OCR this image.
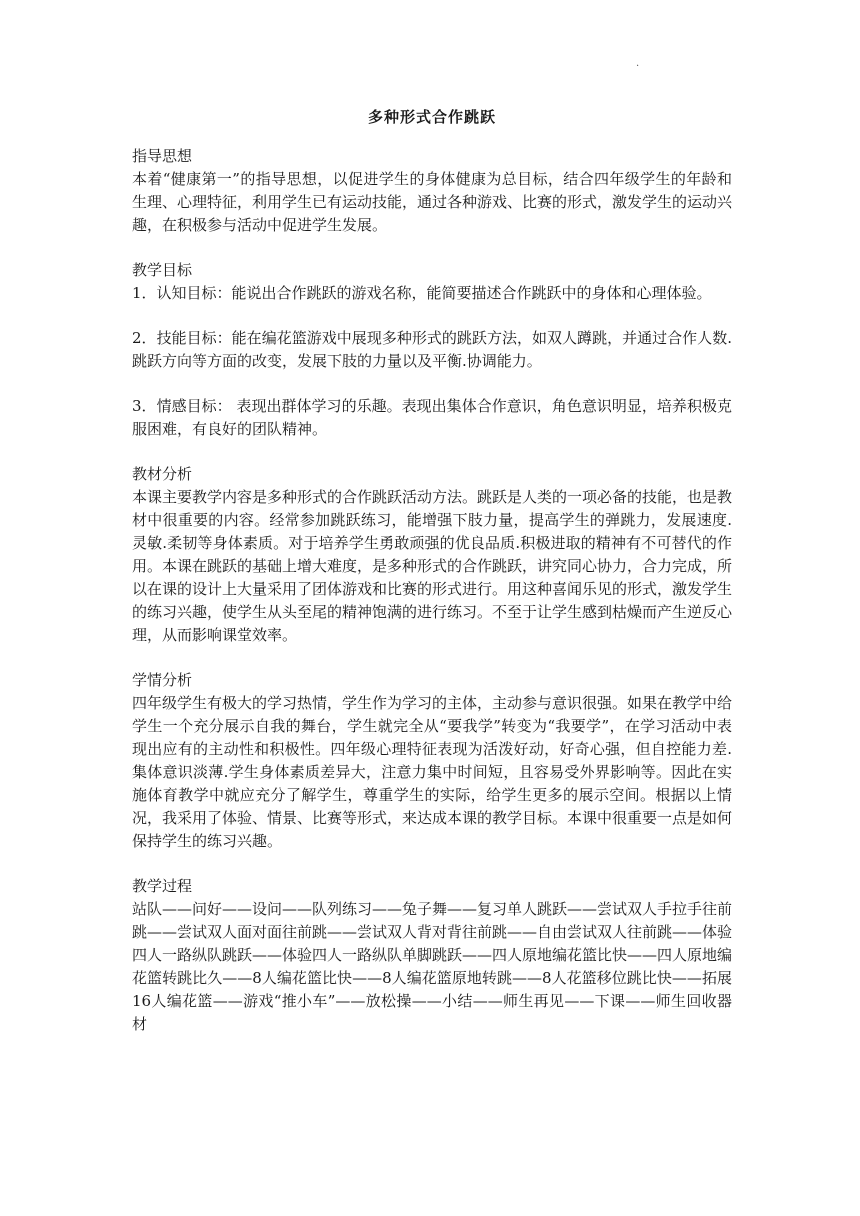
.
多种形式合作跳跃
指导思想

本着“健康第一”的指导思想，以促进学生的身体健康为总目标，结合四年级学生的年龄和生理、心理特征，利用学生已有运动技能，通过各种游戏、比赛的形式，激发学生的运动兴趣，在积极参与活动中促进学生发展。

教学目标

1．认知目标：能说出合作跳跃的游戏名称，能简要描述合作跳跃中的身体和心理体验。

2．技能目标：能在编花篮游戏中展现多种形式的跳跃方法，如双人蹲跳，并通过合作人数.跳跃方向等方面的改变，发展下肢的力量以及平衡.协调能力。

3．情感目标： 表现出群体学习的乐趣。表现出集体合作意识，角色意识明显，培养积极克服困难，有良好的团队精神。

教材分析

本课主要教学内容是多种形式的合作跳跃活动方法。跳跃是人类的一项必备的技能，也是教材中很重要的内容。经常参加跳跃练习，能增强下肢力量，提高学生的弹跳力，发展速度.灵敏.柔韧等身体素质。对于培养学生勇敢顽强的优良品质.积极进取的精神有不可替代的作用。本课在跳跃的基础上增大难度，是多种形式的合作跳跃，讲究同心协力，合力完成，所以在课的设计上大量采用了团体游戏和比赛的形式进行。用这种喜闻乐见的形式，激发学生的练习兴趣，使学生从头至尾的精神饱满的进行练习。不至于让学生感到枯燥而产生逆反心理，从而影响课堂效率。

学情分析

四年级学生有极大的学习热情，学生作为学习的主体，主动参与意识很强。如果在教学中给学生一个充分展示自我的舞台，学生就完全从“要我学”转变为“我要学”，在学习活动中表现出应有的主动性和积极性。四年级心理特征表现为活泼好动，好奇心强，但自控能力差.集体意识淡薄.学生身体素质差异大，注意力集中时间短，且容易受外界影响等。因此在实施体育教学中就应充分了解学生，尊重学生的实际，给学生更多的展示空间。根据以上情况，我采用了体验、情景、比赛等形式，来达成本课的教学目标。本课中很重要一点是如何保持学生的练习兴趣。

教学过程

站队——问好——设问——队列练习——兔子舞——复习单人跳跃——尝试双人手拉手往前跳——尝试双人面对面往前跳——尝试双人背对背往前跳——自由尝试双人往前跳——体验四人一路纵队跳跃——体验四人一路纵队单脚跳跃——四人原地编花篮比快——四人原地编花篮转跳比久——8人编花篮比快——8人编花篮原地转跳——8人花篮移位跳比快——拓展16人编花篮——游戏“推小车”——放松操——小结——师生再见——下课——师生回收器材
